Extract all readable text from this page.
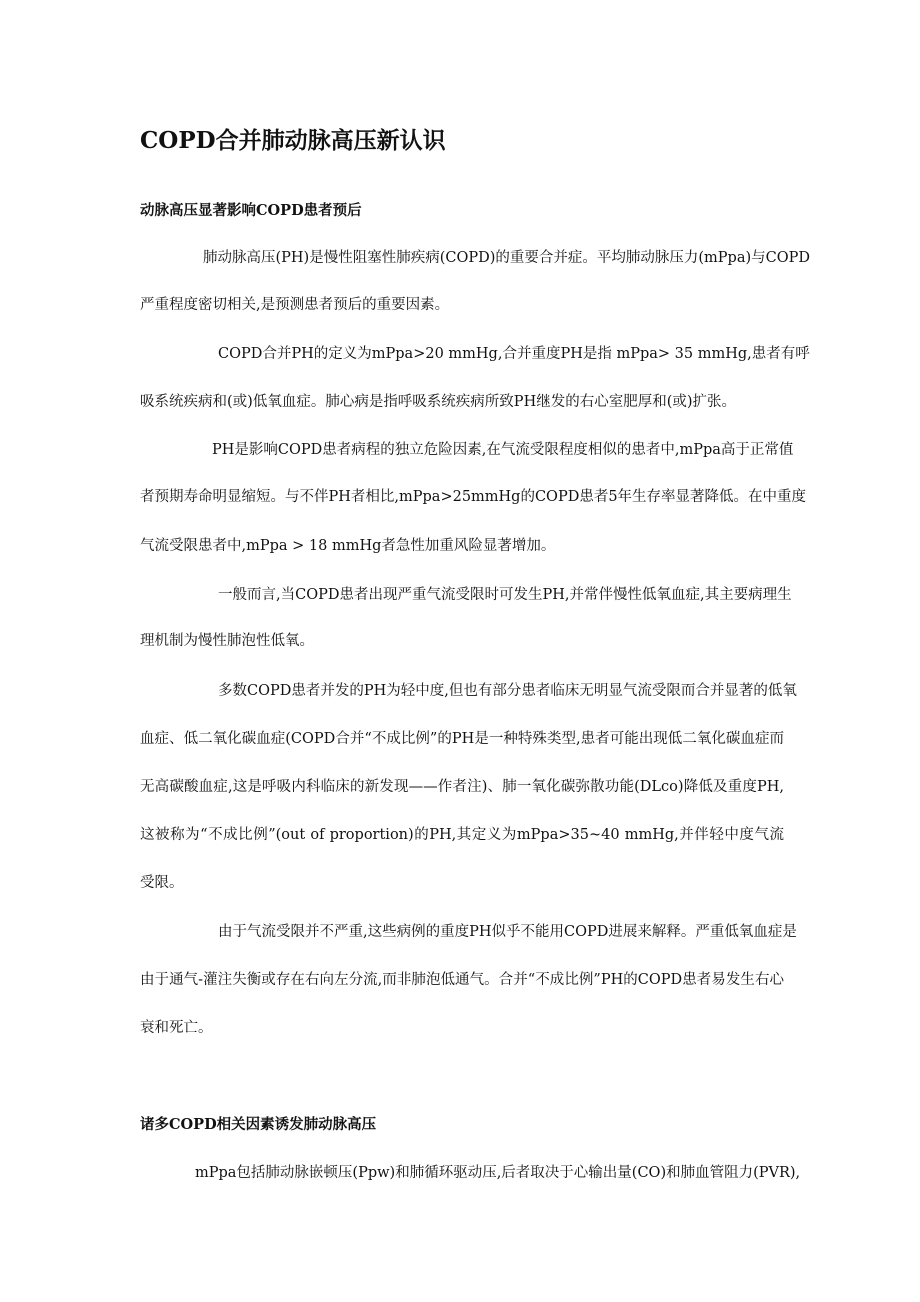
COPD合并肺动脉高压新认识
动脉高压显著影响COPD患者预后
肺动脉高压(PH)是慢性阻塞性肺疾病(COPD)的重要合并症。平均肺动脉压力(mPpa)与COPD
严重程度密切相关,是预测患者预后的重要因素。
COPD合并PH的定义为mPpa>20 mmHg,合并重度PH是指 mPpa> 35 mmHg,患者有呼
吸系统疾病和(或)低氧血症。肺心病是指呼吸系统疾病所致PH继发的右心室肥厚和(或)扩张。
PH是影响COPD患者病程的独立危险因素,在气流受限程度相似的患者中,mPpa高于正常值
者预期寿命明显缩短。与不伴PH者相比,mPpa>25mmHg的COPD患者5年生存率显著降低。在中重度
气流受限患者中,mPpa > 18 mmHg者急性加重风险显著增加。
一般而言,当COPD患者出现严重气流受限时可发生PH,并常伴慢性低氧血症,其主要病理生
理机制为慢性肺泡性低氧。
多数COPD患者并发的PH为轻中度,但也有部分患者临床无明显气流受限而合并显著的低氧
血症、低二氧化碳血症(COPD合并“不成比例”的PH是一种特殊类型,患者可能出现低二氧化碳血症而
无高碳酸血症,这是呼吸内科临床的新发现——作者注)、肺一氧化碳弥散功能(DLco)降低及重度PH,
这被称为“不成比例”(out of proportion)的PH,其定义为mPpa>35~40 mmHg,并伴轻中度气流
受限。
由于气流受限并不严重,这些病例的重度PH似乎不能用COPD进展来解释。严重低氧血症是
由于通气-灌注失衡或存在右向左分流,而非肺泡低通气。合并“不成比例”PH的COPD患者易发生右心
衰和死亡。
诸多COPD相关因素诱发肺动脉高压
mPpa包括肺动脉嵌顿压(Ppw)和肺循环驱动压,后者取决于心输出量(CO)和肺血管阻力(PVR),
